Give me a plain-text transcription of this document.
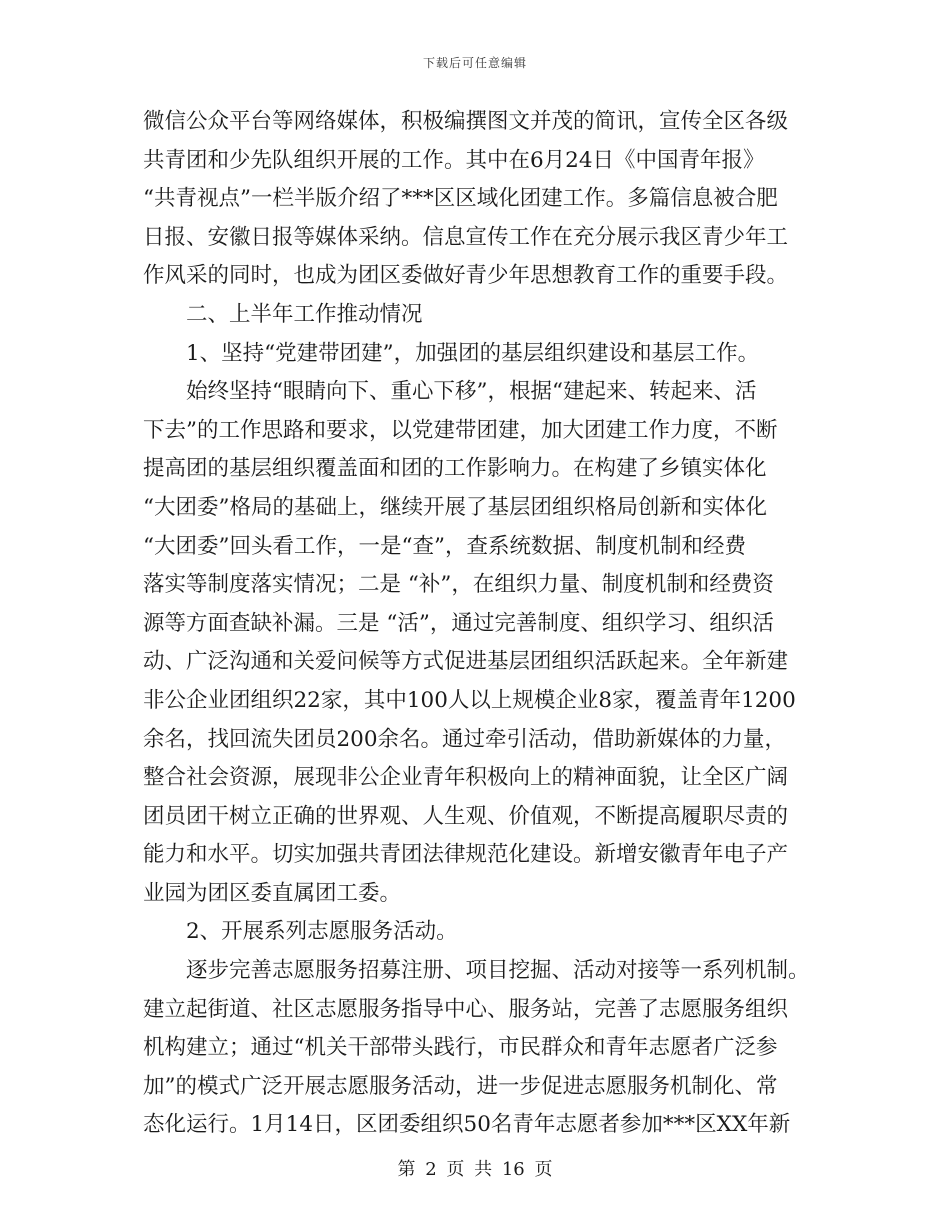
下载后可任意编辑
微信公众平台等网络媒体，积极编撰图文并茂的简讯，宣传全区各级
共青团和少先队组织开展的工作。其中在6月24日《中国青年报》
“共青视点”一栏半版介绍了***区区域化团建工作。多篇信息被合肥
日报、安徽日报等媒体采纳。信息宣传工作在充分展示我区青少年工
作风采的同时，也成为团区委做好青少年思想教育工作的重要手段。
二、上半年工作推动情况
1、坚持“党建带团建”，加强团的基层组织建设和基层工作。
始终坚持“眼睛向下、重心下移”，根据“建起来、转起来、活
下去”的工作思路和要求，以党建带团建，加大团建工作力度，不断
提高团的基层组织覆盖面和团的工作影响力。在构建了乡镇实体化
“大团委”格局的基础上，继续开展了基层团组织格局创新和实体化
“大团委”回头看工作，一是“查”，查系统数据、制度机制和经费
落实等制度落实情况；二是 “补”，在组织力量、制度机制和经费资
源等方面查缺补漏。三是 “活”，通过完善制度、组织学习、组织活
动、广泛沟通和关爱问候等方式促进基层团组织活跃起来。全年新建
非公企业团组织22家，其中100人以上规模企业8家，覆盖青年1200
余名，找回流失团员200余名。通过牵引活动，借助新媒体的力量，
整合社会资源，展现非公企业青年积极向上的精神面貌，让全区广阔
团员团干树立正确的世界观、人生观、价值观，不断提高履职尽责的
能力和水平。切实加强共青团法律规范化建设。新增安徽青年电子产
业园为团区委直属团工委。
2、开展系列志愿服务活动。
逐步完善志愿服务招募注册、项目挖掘、活动对接等一系列机制。
建立起街道、社区志愿服务指导中心、服务站，完善了志愿服务组织
机构建立；通过“机关干部带头践行，市民群众和青年志愿者广泛参
加”的模式广泛开展志愿服务活动，进一步促进志愿服务机制化、常
态化运行。1月14日，区团委组织50名青年志愿者参加***区XX年新
第 2 页 共 16 页
